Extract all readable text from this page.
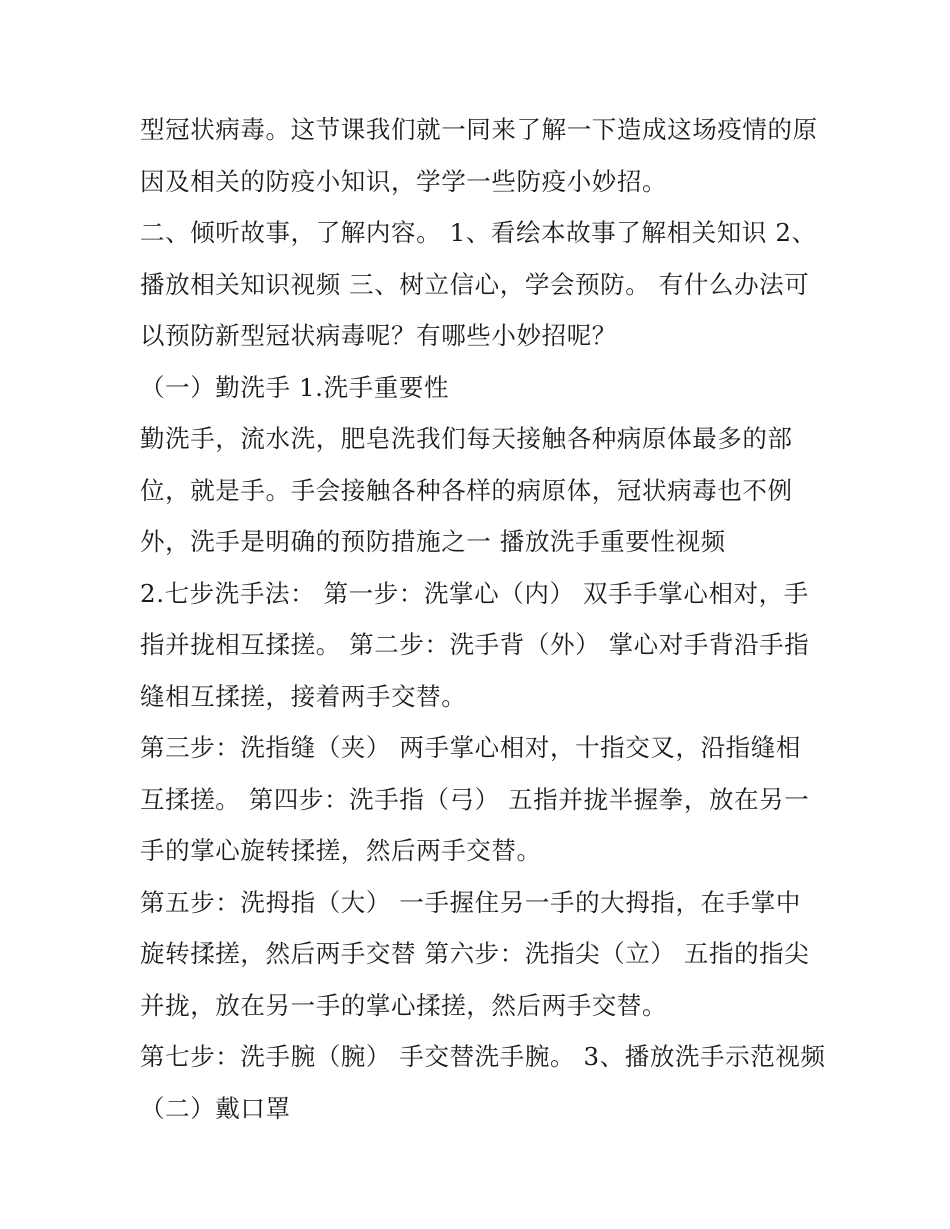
型冠状病毒。这节课我们就一同来了解一下造成这场疫情的原
因及相关的防疫小知识，学学一些防疫小妙招。
二、倾听故事，了解内容。 1、看绘本故事了解相关知识 2、
播放相关知识视频 三、树立信心，学会预防。 有什么办法可
以预防新型冠状病毒呢？有哪些小妙招呢？
（一）勤洗手 1.洗手重要性
勤洗手，流水洗，肥皂洗我们每天接触各种病原体最多的部
位，就是手。手会接触各种各样的病原体，冠状病毒也不例
外，洗手是明确的预防措施之一 播放洗手重要性视频
2.七步洗手法： 第一步：洗掌心（内） 双手手掌心相对，手
指并拢相互揉搓。 第二步：洗手背（外） 掌心对手背沿手指
缝相互揉搓，接着两手交替。
第三步：洗指缝（夹） 两手掌心相对，十指交叉，沿指缝相
互揉搓。 第四步：洗手指（弓） 五指并拢半握拳，放在另一
手的掌心旋转揉搓，然后两手交替。
第五步：洗拇指（大） 一手握住另一手的大拇指，在手掌中
旋转揉搓，然后两手交替 第六步：洗指尖（立） 五指的指尖
并拢，放在另一手的掌心揉搓，然后两手交替。
第七步：洗手腕（腕） 手交替洗手腕。 3、播放洗手示范视频
（二）戴口罩
